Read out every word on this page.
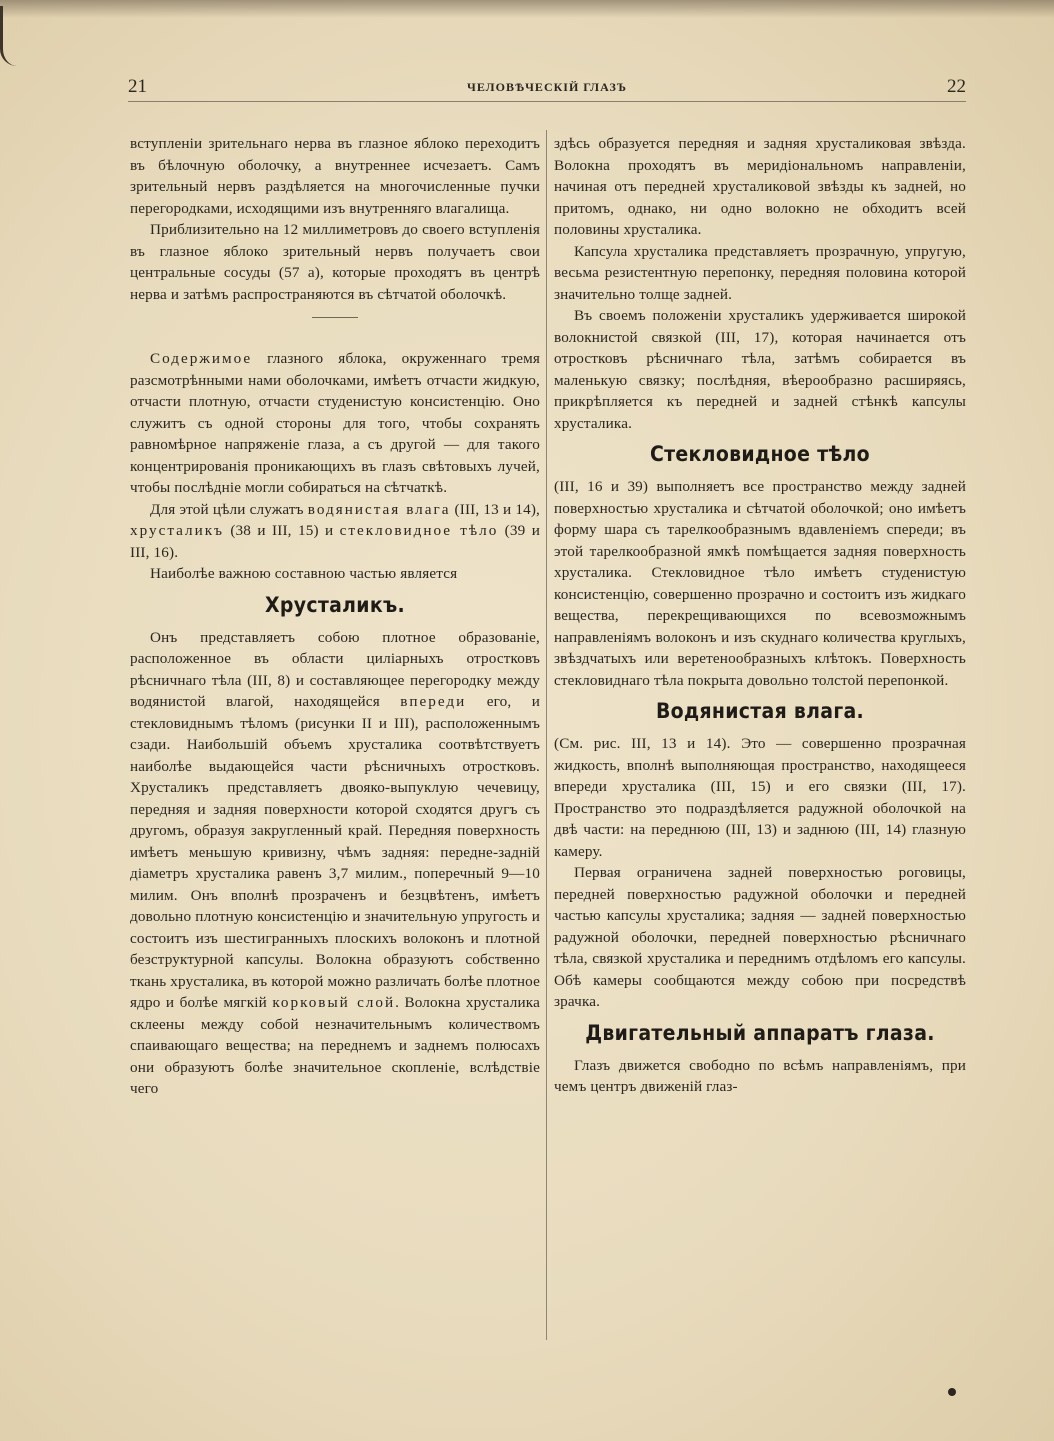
21	ЧЕЛОВѢЧЕСКІЙ ГЛАЗЪ	22

вступленіи зрительнаго нерва въ глазное яблоко переходитъ въ бѣлочную оболочку, а внутреннее исчезаетъ. Самъ зрительный нервъ раздѣляется на многочисленные пучки перегородками, исходящими изъ внутренняго влагалища.

Приблизительно на 12 миллиметровъ до своего вступленія въ глазное яблоко зрительный нервъ получаетъ свои центральные сосуды (57 а), которые проходятъ въ центрѣ нерва и затѣмъ распространяются въ сѣтчатой оболочкѣ.

Содержимое глазного яблока, окруженнаго тремя разсмотрѣнными нами оболочками, имѣетъ отчасти жидкую, отчасти плотную, отчасти студенистую консистенцію. Оно служитъ съ одной стороны для того, чтобы сохранять равномѣрное напряженіе глаза, а съ другой — для такого концентрированія проникающихъ въ глазъ свѣтовыхъ лучей, чтобы послѣдніе могли собираться на сѣтчаткѣ.

Для этой цѣли служатъ водянистая влага (III, 13 и 14), хрусталикъ (38 и III, 15) и стекловидное тѣло (39 и III, 16).

Наиболѣе важною составною частью является

Хрусталикъ.

Онъ представляетъ собою плотное образованіе, расположенное въ области циліарныхъ отростковъ рѣсничнаго тѣла (III, 8) и составляющее перегородку между водянистой влагой, находящейся впереди его, и стекловиднымъ тѣломъ (рисунки II и III), расположеннымъ сзади. Наибольшій объемъ хрусталика соотвѣтствуетъ наиболѣе выдающейся части рѣсничныхъ отростковъ. Хрусталикъ представляетъ двояко-выпуклую чечевицу, передняя и задняя поверхности которой сходятся другъ съ другомъ, образуя закругленный край. Передняя поверхность имѣетъ меньшую кривизну, чѣмъ задняя: передне-задній діаметръ хрусталика равенъ 3,7 милим., поперечный 9—10 милим. Онъ вполнѣ прозраченъ и безцвѣтенъ, имѣетъ довольно плотную консистенцію и значительную упругость и состоитъ изъ шестигранныхъ плоскихъ волоконъ и плотной безструктурной капсулы. Волокна образуютъ собственно ткань хрусталика, въ которой можно различать болѣе плотное ядро и болѣе мягкій корковый слой. Волокна хрусталика склеены между собой незначительнымъ количествомъ спаивающаго вещества; на переднемъ и заднемъ полюсахъ они образуютъ болѣе значительное скопленіе, вслѣдствіе чего

здѣсь образуется передняя и задняя хрусталиковая звѣзда. Волокна проходятъ въ меридіональномъ направленіи, начиная отъ передней хрусталиковой звѣзды къ задней, но притомъ, однако, ни одно волокно не обходитъ всей половины хрусталика.

Капсула хрусталика представляетъ прозрачную, упругую, весьма резистентную перепонку, передняя половина которой значительно толще задней.

Въ своемъ положеніи хрусталикъ удерживается широкой волокнистой связкой (III, 17), которая начинается отъ отростковъ рѣсничнаго тѣла, затѣмъ собирается въ маленькую связку; послѣдняя, вѣерообразно расширяясь, прикрѣпляется къ передней и задней стѣнкѣ капсулы хрусталика.

Стекловидное тѣло

(III, 16 и 39) выполняетъ все пространство между задней поверхностью хрусталика и сѣтчатой оболочкой; оно имѣетъ форму шара съ тарелкообразнымъ вдавленіемъ спереди; въ этой тарелкообразной ямкѣ помѣщается задняя поверхность хрусталика. Стекловидное тѣло имѣетъ студенистую консистенцію, совершенно прозрачно и состоитъ изъ жидкаго вещества, перекрещивающихся по всевозможнымъ направленіямъ волоконъ и изъ скуднаго количества круглыхъ, звѣздчатыхъ или веретенообразныхъ клѣтокъ. Поверхность стекловиднаго тѣла покрыта довольно толстой перепонкой.

Водянистая влага.

(См. рис. III, 13 и 14). Это — совершенно прозрачная жидкость, вполнѣ выполняющая пространство, находящееся впереди хрусталика (III, 15) и его связки (III, 17). Пространство это подраздѣляется радужной оболочкой на двѣ части: на переднюю (III, 13) и заднюю (III, 14) глазную камеру.

Первая ограничена задней поверхностью роговицы, передней поверхностью радужной оболочки и передней частью капсулы хрусталика; задняя — задней поверхностью радужной оболочки, передней поверхностью рѣсничнаго тѣла, связкой хрусталика и переднимъ отдѣломъ его капсулы. Обѣ камеры сообщаются между собою при посредствѣ зрачка.

Двигательный аппаратъ глаза.

Глазъ движется свободно по всѣмъ направленіямъ, при чемъ центръ движеній глаз-
